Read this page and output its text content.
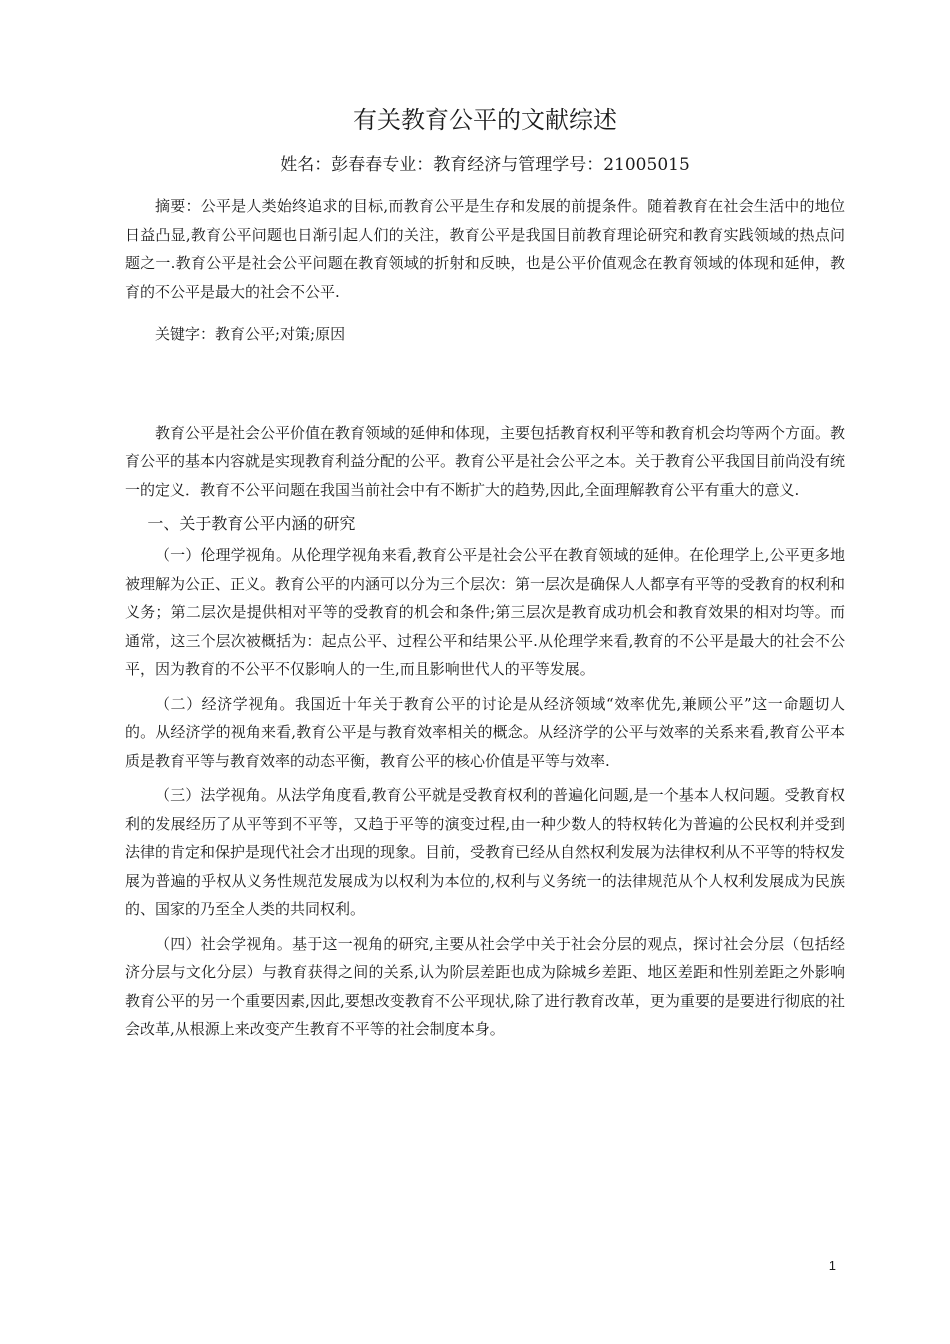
有关教育公平的文献综述

姓名：彭春春专业：教育经济与管理学号：21005015

摘要：公平是人类始终追求的目标,而教育公平是生存和发展的前提条件。随着教育在社会生活中的地位日益凸显,教育公平问题也日渐引起人们的关注，教育公平是我国目前教育理论研究和教育实践领域的热点问题之一.教育公平是社会公平问题在教育领域的折射和反映，也是公平价值观念在教育领域的体现和延伸，教育的不公平是最大的社会不公平.

关键字：教育公平;对策;原因

教育公平是社会公平价值在教育领域的延伸和体现，主要包括教育权利平等和教育机会均等两个方面。教育公平的基本内容就是实现教育利益分配的公平。教育公平是社会公平之本。关于教育公平我国目前尚没有统一的定义．教育不公平问题在我国当前社会中有不断扩大的趋势,因此,全面理解教育公平有重大的意义.

一、关于教育公平内涵的研究

（一）伦理学视角。从伦理学视角来看,教育公平是社会公平在教育领域的延伸。在伦理学上,公平更多地被理解为公正、正义。教育公平的内涵可以分为三个层次：第一层次是确保人人都享有平等的受教育的权利和义务；第二层次是提供相对平等的受教育的机会和条件;第三层次是教育成功机会和教育效果的相对均等。而通常，这三个层次被概括为：起点公平、过程公平和结果公平.从伦理学来看,教育的不公平是最大的社会不公平，因为教育的不公平不仅影响人的一生,而且影响世代人的平等发展。

（二）经济学视角。我国近十年关于教育公平的讨论是从经济领域“效率优先,兼顾公平”这一命题切人的。从经济学的视角来看,教育公平是与教育效率相关的概念。从经济学的公平与效率的关系来看,教育公平本质是教育平等与教育效率的动态平衡，教育公平的核心价值是平等与效率.

（三）法学视角。从法学角度看,教育公平就是受教育权利的普遍化问题,是一个基本人权问题。受教育权利的发展经历了从平等到不平等，又趋于平等的演变过程,由一种少数人的特权转化为普遍的公民权利并受到法律的肯定和保护是现代社会才出现的现象。目前，受教育已经从自然权利发展为法律权利从不平等的特权发展为普遍的乎权从义务性规范发展成为以权利为本位的,权利与义务统一的法律规范从个人权利发展成为民族的、国家的乃至全人类的共同权利。

（四）社会学视角。基于这一视角的研究,主要从社会学中关于社会分层的观点，探讨社会分层（包括经济分层与文化分层）与教育获得之间的关系,认为阶层差距也成为除城乡差距、地区差距和性别差距之外影响教育公平的另一个重要因素,因此,要想改变教育不公平现状,除了进行教育改革，更为重要的是要进行彻底的社会改革,从根源上来改变产生教育不平等的社会制度本身。

1
